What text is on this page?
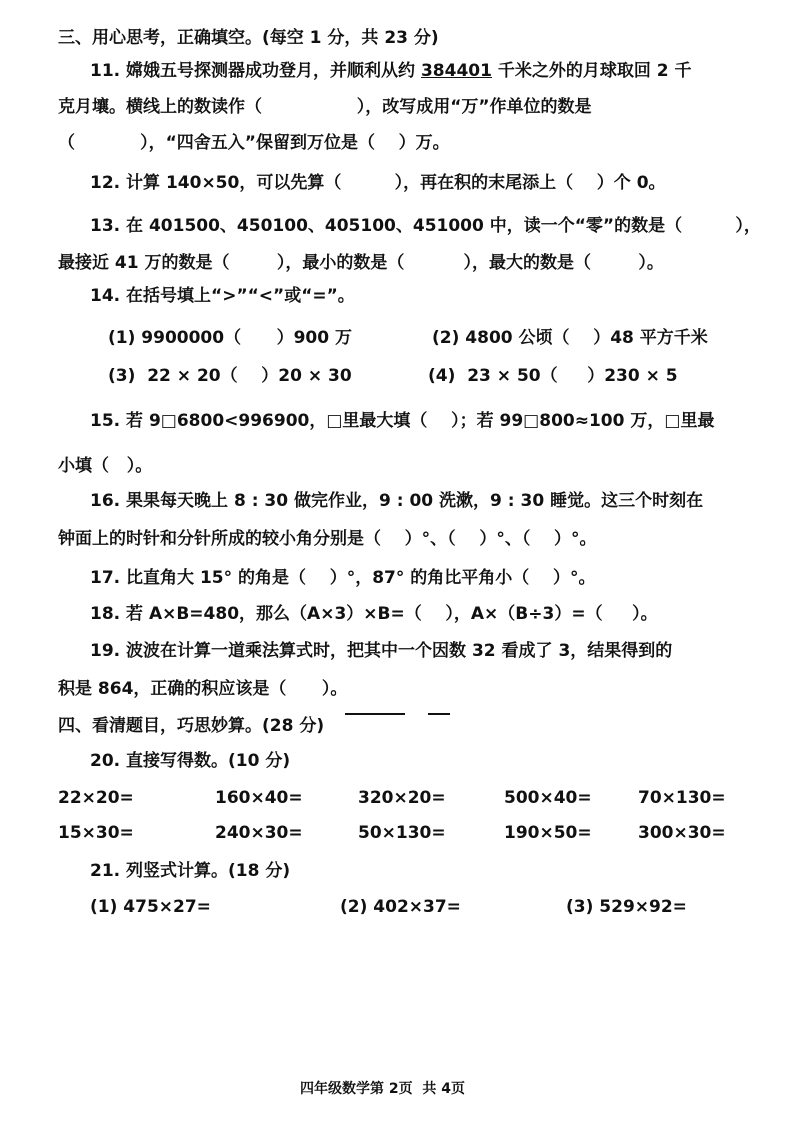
三、用心思考，正确填空。(每空 1 分，共 23 分)
11. 嫦娥五号探测器成功登月，并顺利从约 384401 千米之外的月球取回 2 千
克月壤。横线上的数读作（                ），改写成用“万”作单位的数是
（           ），“四舍五入”保留到万位是（    ）万。
12. 计算 140×50，可以先算（         ），再在积的末尾添上（    ）个 0。
13. 在 401500、450100、405100、451000 中，读一个“零”的数是（         ），
最接近 41 万的数是（        ），最小的数是（          ），最大的数是（        ）。
14. 在括号填上“>”“<”或“=”。
(1) 9900000（      ）900 万	(2) 4800 公顷（    ）48 平方千米
(3)  22 × 20（    ）20 × 30	(4)  23 × 50（     ）230 × 5
15. 若 9□6800<996900，□里最大填（    ）；若 99□800≈100 万，□里最
小填（   ）。
16. 果果每天晚上 8 : 30 做完作业，9 : 00 洗漱，9 : 30 睡觉。这三个时刻在
钟面上的时针和分针所成的较小角分别是（    ）°、（    ）°、（    ）°。
17. 比直角大 15° 的角是（    ）°，87° 的角比平角小（    ）°。
18. 若 A×B=480，那么（A×3）×B=（    ），A×（B÷3）=（     ）。
19. 波波在计算一道乘法算式时，把其中一个因数 32 看成了 3，结果得到的
积是 864，正确的积应该是（      ）。
四、看清题目，巧思妙算。(28 分)
20. 直接写得数。(10 分)
22×20=	160×40=	320×20=	500×40=	70×130=
15×30=	240×30=	50×130=	190×50=	300×30=
21. 列竖式计算。(18 分)
(1) 475×27=	(2) 402×37=	(3) 529×92=
四年级数学第 2页  共 4页
